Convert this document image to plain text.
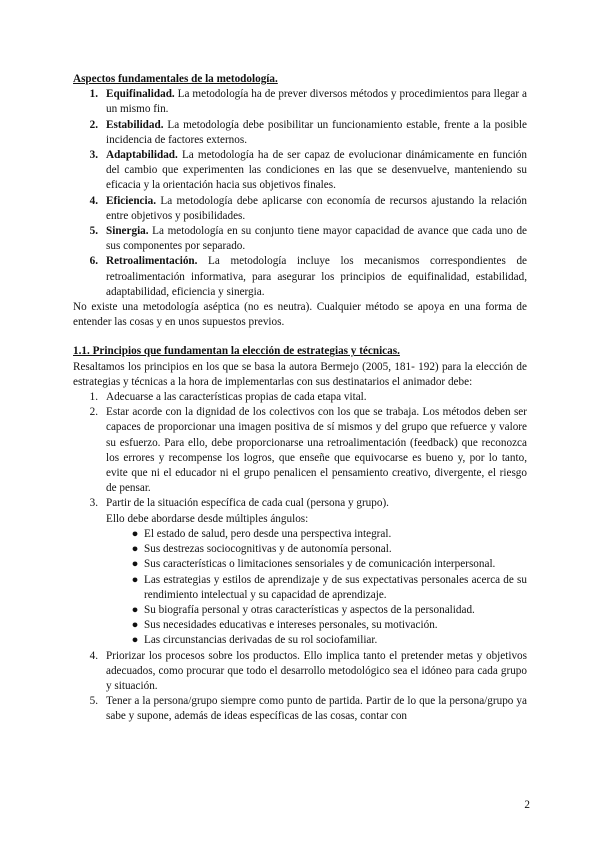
Aspectos fundamentales de la metodología.

1. Equifinalidad. La metodología ha de prever diversos métodos y procedimientos para llegar a un mismo fin.
2. Estabilidad. La metodología debe posibilitar un funcionamiento estable, frente a la posible incidencia de factores externos.
3. Adaptabilidad. La metodología ha de ser capaz de evolucionar dinámicamente en función del cambio que experimenten las condiciones en las que se desenvuelve, manteniendo su eficacia y la orientación hacia sus objetivos finales.
4. Eficiencia. La metodología debe aplicarse con economía de recursos ajustando la relación entre objetivos y posibilidades.
5. Sinergia. La metodología en su conjunto tiene mayor capacidad de avance que cada uno de sus componentes por separado.
6. Retroalimentación. La metodología incluye los mecanismos correspondientes de retroalimentación informativa, para asegurar los principios de equifinalidad, estabilidad, adaptabilidad, eficiencia y sinergia.

No existe una metodología aséptica (no es neutra). Cualquier método se apoya en una forma de entender las cosas y en unos supuestos previos.

1.1. Principios que fundamentan la elección de estrategias y técnicas.

Resaltamos los principios en los que se basa la autora Bermejo (2005, 181- 192) para la elección de estrategias y técnicas a la hora de implementarlas con sus destinatarios el animador debe:

1. Adecuarse a las características propias de cada etapa vital.
2. Estar acorde con la dignidad de los colectivos con los que se trabaja. Los métodos deben ser capaces de proporcionar una imagen positiva de sí mismos y del grupo que refuerce y valore su esfuerzo. Para ello, debe proporcionarse una retroalimentación (feedback) que reconozca los errores y recompense los logros, que enseñe que equivocarse es bueno y, por lo tanto, evite que ni el educador ni el grupo penalicen el pensamiento creativo, divergente, el riesgo de pensar.
3. Partir de la situación específica de cada cual (persona y grupo).
Ello debe abordarse desde múltiples ángulos:
● El estado de salud, pero desde una perspectiva integral.
● Sus destrezas sociocognitivas y de autonomía personal.
● Sus características o limitaciones sensoriales y de comunicación interpersonal.
● Las estrategias y estilos de aprendizaje y de sus expectativas personales acerca de su rendimiento intelectual y su capacidad de aprendizaje.
● Su biografía personal y otras características y aspectos de la personalidad.
● Sus necesidades educativas e intereses personales, su motivación.
● Las circunstancias derivadas de su rol sociofamiliar.
4. Priorizar los procesos sobre los productos. Ello implica tanto el pretender metas y objetivos adecuados, como procurar que todo el desarrollo metodológico sea el idóneo para cada grupo y situación.
5. Tener a la persona/grupo siempre como punto de partida. Partir de lo que la persona/grupo ya sabe y supone, además de ideas específicas de las cosas, contar con
2
